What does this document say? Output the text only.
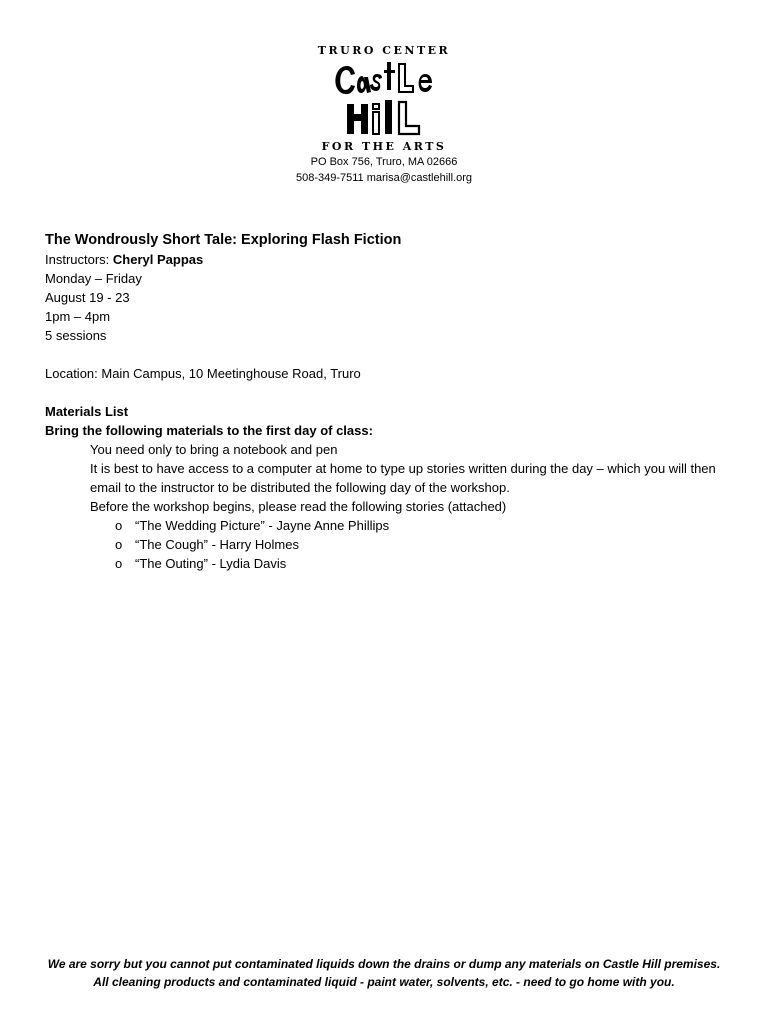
TRURO CENTER
FOR THE ARTS
PO Box 756, Truro, MA 02666
508-349-7511 marisa@castlehill.org
The Wondrously Short Tale: Exploring Flash Fiction
Instructors: Cheryl Pappas
Monday – Friday
August 19 - 23
1pm – 4pm
5 sessions
Location: Main Campus, 10 Meetinghouse Road, Truro
Materials List
Bring the following materials to the first day of class:
You need only to bring a notebook and pen
It is best to have access to a computer at home to type up stories written during the day – which you will then email to the instructor to be distributed the following day of the workshop.
Before the workshop begins, please read the following stories (attached)
o “The Wedding Picture” - Jayne Anne Phillips
o “The Cough” - Harry Holmes
o “The Outing” - Lydia Davis
We are sorry but you cannot put contaminated liquids down the drains or dump any materials on Castle Hill premises.
All cleaning products and contaminated liquid - paint water, solvents, etc. - need to go home with you.
